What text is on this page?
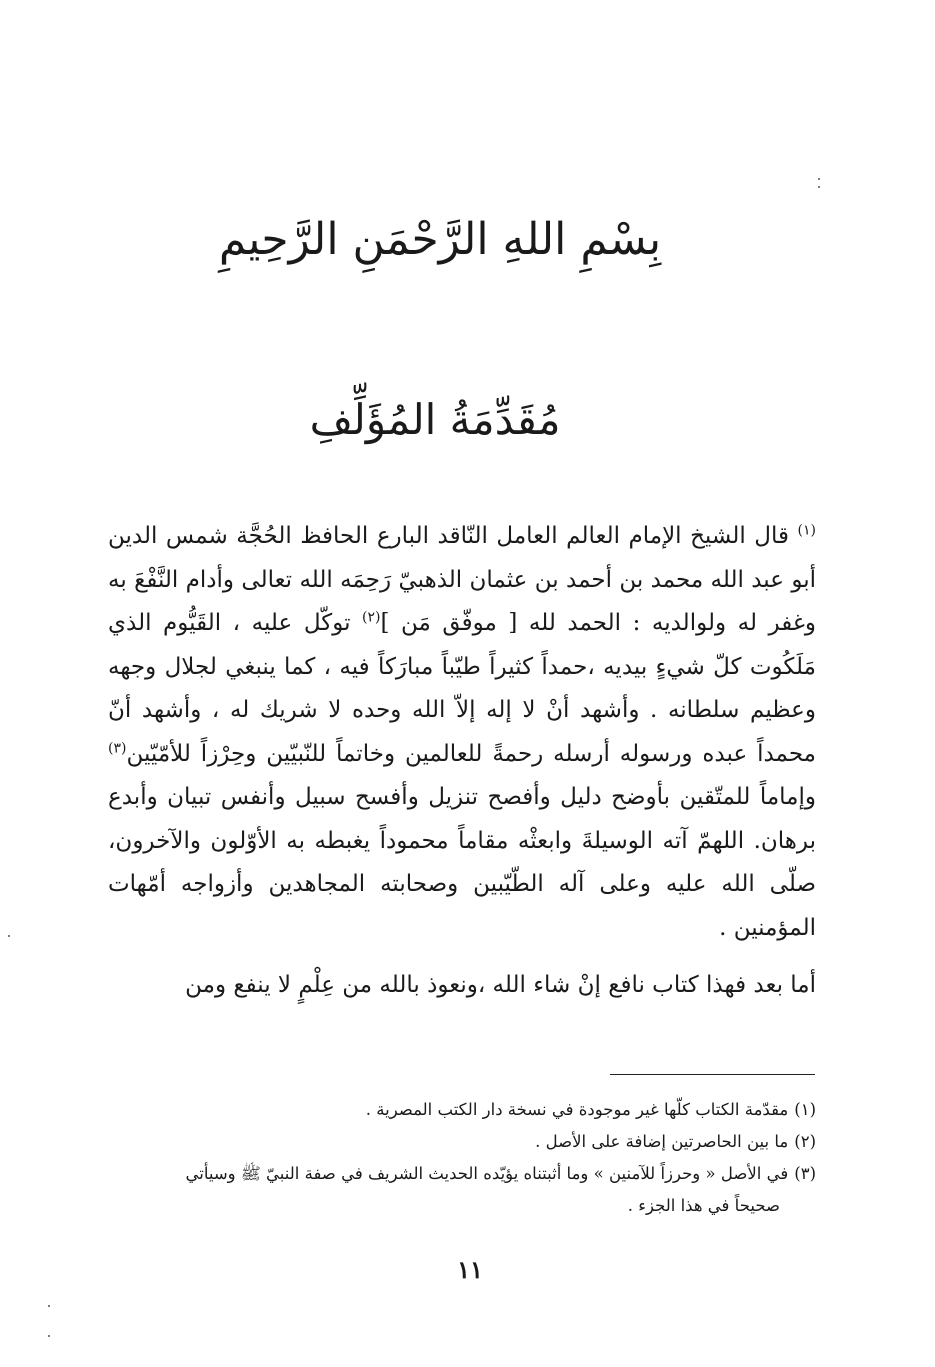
بِسْمِ اللهِ الرَّحْمَنِ الرَّحِيمِ
مُقَدِّمَةُ المُؤَلِّفِ

$^{(١)}$ قال الشيخ الإمام العالم العامل النّاقد البارع الحافظ الحُجَّة شمس الدين أبو عبد الله محمد بن أحمد بن عثمان الذهبيّ رَحِمَه الله تعالى وأدام النَّفْعَ به وغفر له ولوالديه : الحمد لله [ موفّق مَن ]$^{(٢)}$ توكّل عليه ، القَيُّوم الذي مَلَكُوت كلّ شيءٍ بيديه ،حمداً كثيراً طيّباً مبارَكاً فيه ، كما ينبغي لجلال وجهه وعظيم سلطانه . وأشهد أنْ لا إله إلاّ الله وحده لا شريك له ، وأشهد أنّ محمداً عبده ورسوله أرسله رحمةً للعالمين وخاتماً للنّبيّين وحِرْزاً للأمّيّين$^{(٣)}$ وإماماً للمتّقين بأوضح دليل وأفصح تنزيل وأفسح سبيل وأنفس تبيان وأبدع برهان. اللهمّ آته الوسيلةَ وابعثْه مقاماً محموداً يغبطه به الأوّلون والآخرون، صلّى الله عليه وعلى آله الطّيّبين وصحابته المجاهدين وأزواجه أمّهات المؤمنين .

أما بعد فهذا كتاب نافع إنْ شاء الله ،ونعوذ بالله من عِلْمٍ لا ينفع ومن

(١)مقدّمة الكتاب كلّها غير موجودة في نسخة دار الكتب المصرية .

(٢)ما بين الحاصرتين إضافة على الأصل .

(٣)في الأصل « وحرزاً للآمنين » وما أثبتناه يؤيّده الحديث الشريف في صفة النبيّ ﷺ وسيأتي

صحيحاً في هذا الجزء .

١١
